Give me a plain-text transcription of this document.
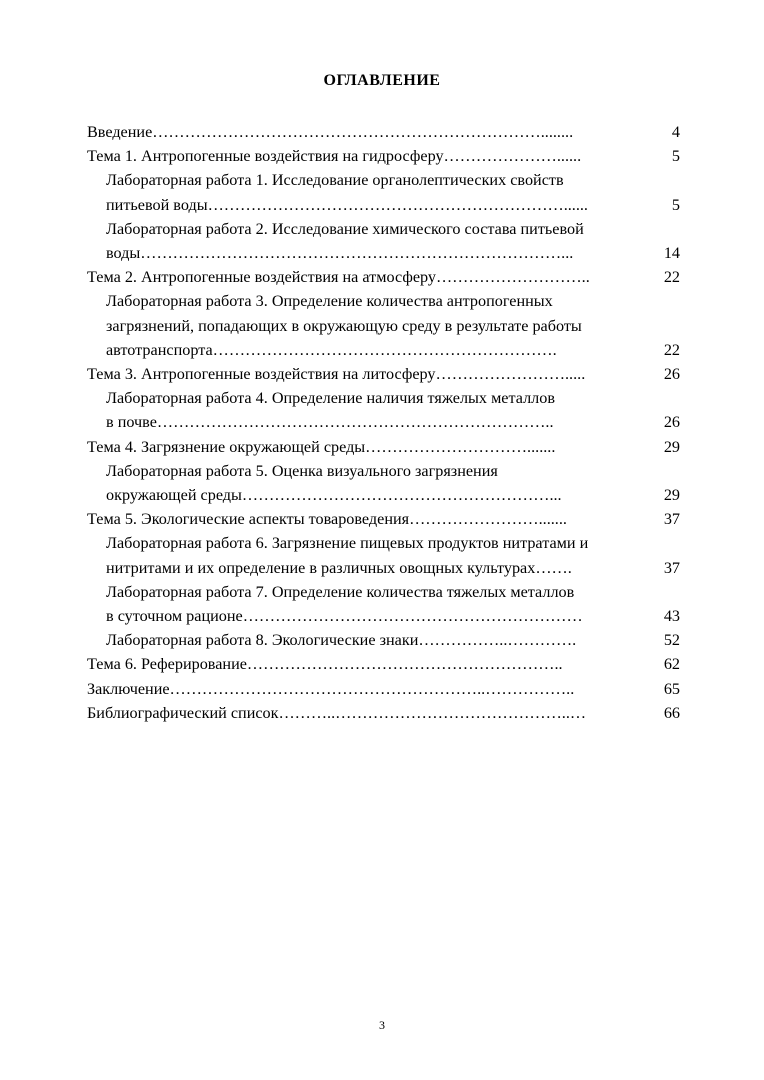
ОГЛАВЛЕНИЕ
Введение………………………………………………………………........	4
Тема 1. Антропогенные воздействия на гидросферу…………………......	5
Лабораторная работа 1. Исследование органолептических свойств
питьевой воды…………………………………………………………......	5
Лабораторная работа 2. Исследование химического состава питьевой
воды……………………………………………………………………...	14
Тема 2. Антропогенные воздействия на атмосферу………………………..	22
Лабораторная работа 3. Определение количества антропогенных
загрязнений, попадающих в окружающую среду в результате работы
автотранспорта……………………………………………………….	22
Тема 3. Антропогенные воздействия на литосферу…………………….....	26
Лабораторная работа 4. Определение наличия тяжелых металлов
в почве………………………………………………………………..	26
Тема 4. Загрязнение окружающей среды………………………….......	29
Лабораторная работа 5. Оценка визуального загрязнения
окружающей среды…………………………………………………...	29
Тема 5. Экологические аспекты товароведения…………………….......	37
Лабораторная работа 6. Загрязнение пищевых продуктов нитратами и
нитритами и их определение в различных овощных культурах…….	37
Лабораторная работа 7. Определение количества тяжелых металлов
в суточном рационе………………………………………………………	43
Лабораторная работа 8. Экологические знаки……………..………….	52
Тема 6. Реферирование…………………………………………………..	62
Заключение…………………………………………………..……………..	65
Библиографический список………..……………………………………..…	66
3
